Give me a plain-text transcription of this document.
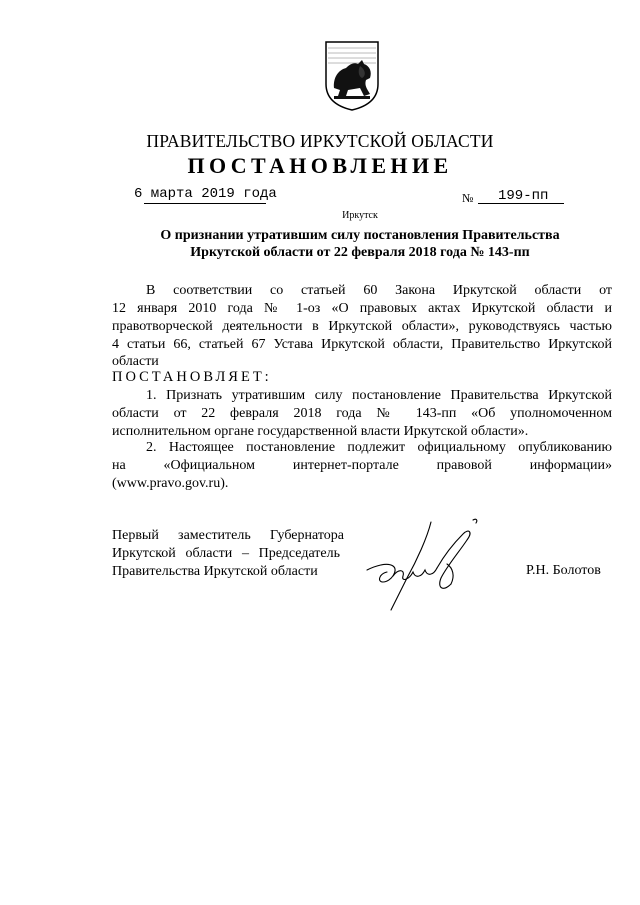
ПРАВИТЕЛЬСТВО ИРКУТСКОЙ ОБЛАСТИ
ПОСТАНОВЛЕНИЕ
6 марта 2019 года	№ 199-пп
Иркутск
О признании утратившим силу постановления Правительства
Иркутской области от 22 февраля 2018 года № 143-пп
В соответствии со статьей 60 Закона Иркутской области от
12 января 2010 года № 1-оз «О правовых актах Иркутской области и
правотворческой деятельности в Иркутской области», руководствуясь частью
4 статьи 66, статьей 67 Устава Иркутской области, Правительство Иркутской
области
ПОСТАНОВЛЯЕТ:
1. Признать утратившим силу постановление Правительства Иркутской
области от 22 февраля 2018 года № 143-пп «Об уполномоченном
исполнительном органе государственной власти Иркутской области».
2. Настоящее постановление подлежит официальному опубликованию
на «Официальном интернет-портале правовой информации»
(www.pravo.gov.ru).
Первый заместитель Губернатора
Иркутской области – Председатель
Правительства Иркутской области	Р.Н. Болотов
